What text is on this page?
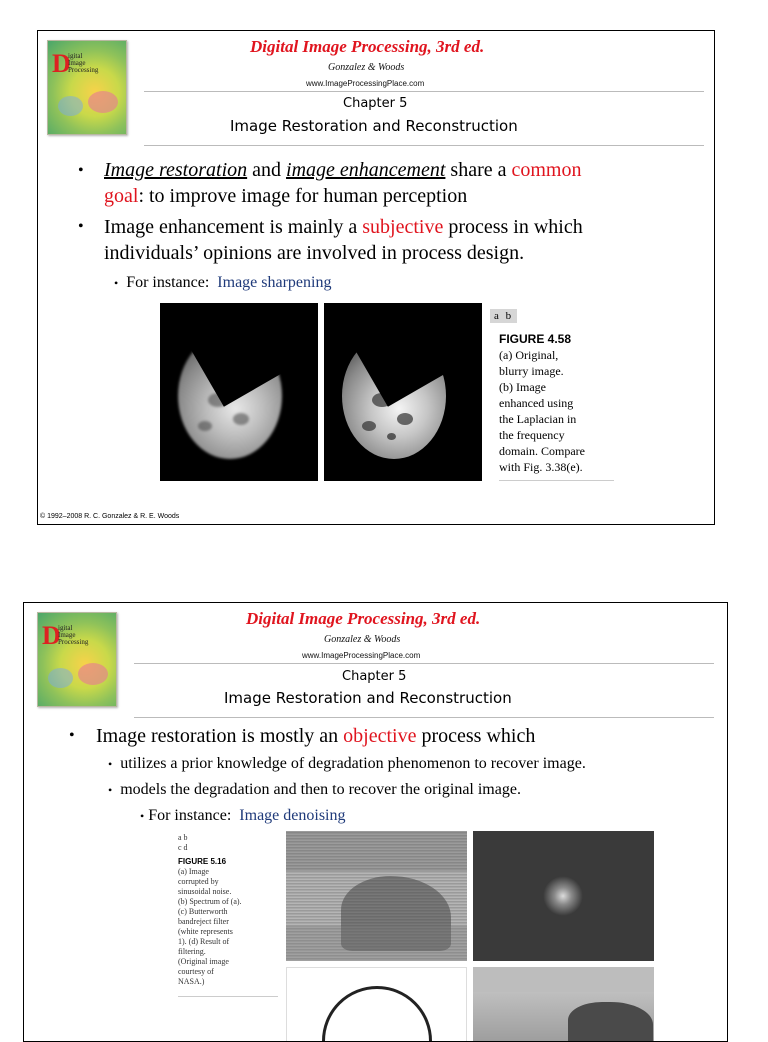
D
igital
Image
Processing
Digital Image Processing, 3rd ed.
Gonzalez & Woods
www.ImageProcessingPlace.com
Chapter 5
Image Restoration and Reconstruction
• Image restoration and image enhancement share a common
goal: to improve image for human perception
• Image enhancement is mainly a subjective process in which
individuals’ opinions are involved in process design.
• For instance: Image sharpening
a b
FIGURE 4.58
(a) Original,
blurry image.
(b) Image
enhanced using
the Laplacian in
the frequency
domain. Compare
with Fig. 3.38(e).
© 1992–2008 R. C. Gonzalez & R. E. Woods
D
igital
Image
Processing
Digital Image Processing, 3rd ed.
Gonzalez & Woods
www.ImageProcessingPlace.com
Chapter 5
Image Restoration and Reconstruction
• Image restoration is mostly an objective process which
• utilizes a prior knowledge of degradation phenomenon to recover image.
• models the degradation and then to recover the original image.
• For instance: Image denoising
a b
c d
FIGURE 5.16
(a) Image
corrupted by
sinusoidal noise.
(b) Spectrum of (a).
(c) Butterworth
bandreject filter
(white represents
1). (d) Result of
filtering.
(Original image
courtesy of
NASA.)
